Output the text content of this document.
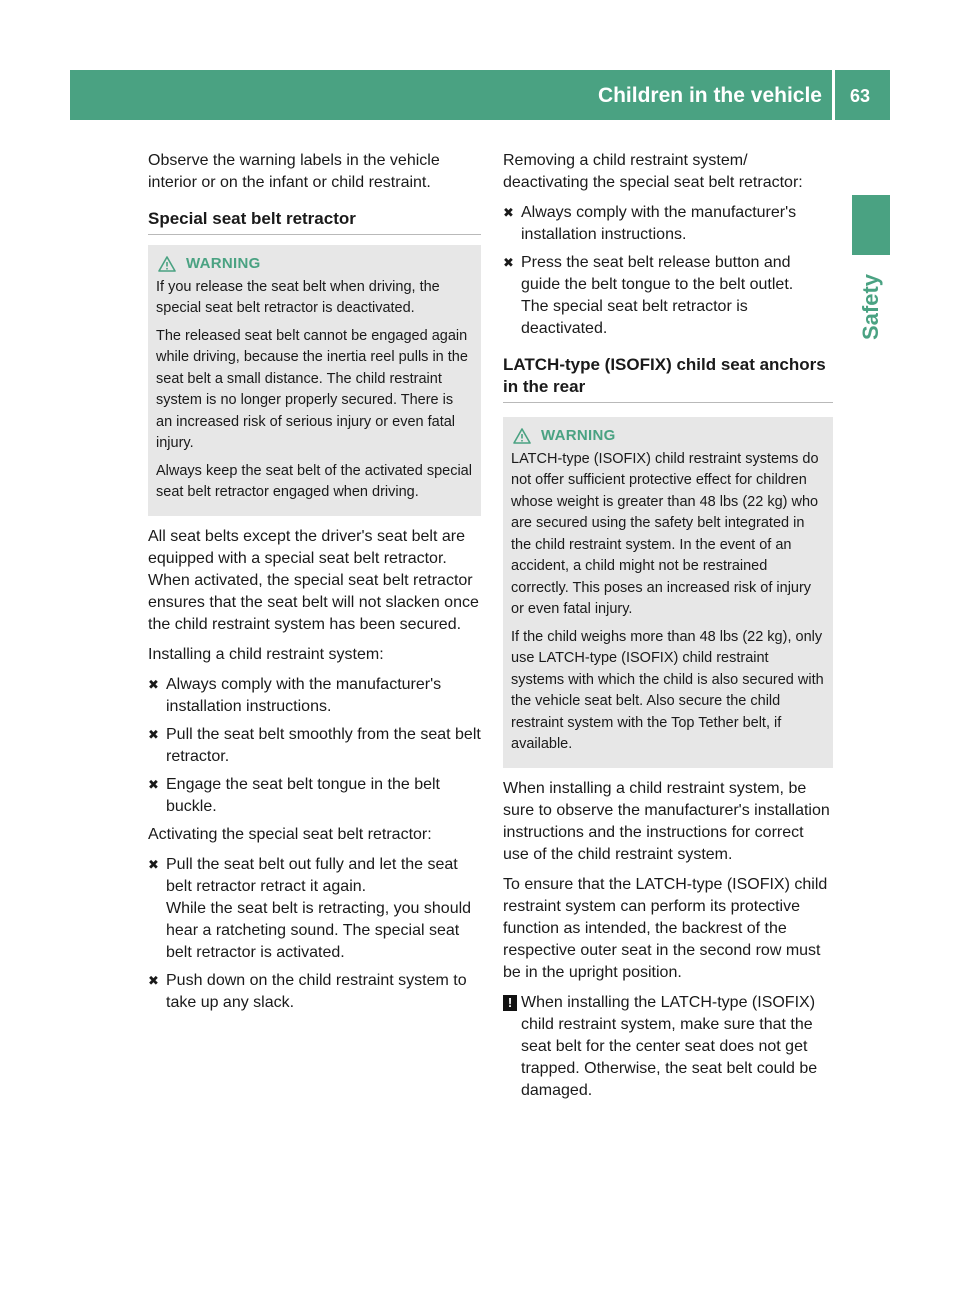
Children in the vehicle	63
Safety

Observe the warning labels in the vehicle interior or on the infant or child restraint.

Special seat belt retractor
WARNING

If you release the seat belt when driving, the special seat belt retractor is deactivated.

The released seat belt cannot be engaged again while driving, because the inertia reel pulls in the seat belt a small distance. The child restraint system is no longer properly secured. There is an increased risk of serious injury or even fatal injury.

Always keep the seat belt of the activated special seat belt retractor engaged when driving.

All seat belts except the driver's seat belt are equipped with a special seat belt retractor. When activated, the special seat belt retractor ensures that the seat belt will not slacken once the child restraint system has been secured.

Installing a child restraint system:

✖ Always comply with the manufacturer's installation instructions.
✖ Pull the seat belt smoothly from the seat belt retractor.
✖ Engage the seat belt tongue in the belt buckle.

Activating the special seat belt retractor:

✖ Pull the seat belt out fully and let the seat belt retractor retract it again.
While the seat belt is retracting, you should hear a ratcheting sound. The special seat belt retractor is activated.
✖ Push down on the child restraint system to take up any slack.

Removing a child restraint system/ deactivating the special seat belt retractor:

✖ Always comply with the manufacturer's installation instructions.
✖ Press the seat belt release button and guide the belt tongue to the belt outlet.
The special seat belt retractor is deactivated.
LATCH-type (ISOFIX) child seat anchors in the rear
WARNING

LATCH-type (ISOFIX) child restraint systems do not offer sufficient protective effect for children whose weight is greater than 48 lbs (22 kg) who are secured using the safety belt integrated in the child restraint system. In the event of an accident, a child might not be restrained correctly. This poses an increased risk of injury or even fatal injury.

If the child weighs more than 48 lbs (22 kg), only use LATCH-type (ISOFIX) child restraint systems with which the child is also secured with the vehicle seat belt. Also secure the child restraint system with the Top Tether belt, if available.

When installing a child restraint system, be sure to observe the manufacturer's installation instructions and the instructions for correct use of the child restraint system.

To ensure that the LATCH-type (ISOFIX) child restraint system can perform its protective function as intended, the backrest of the respective outer seat in the second row must be in the upright position.

! When installing the LATCH-type (ISOFIX) child restraint system, make sure that the seat belt for the center seat does not get trapped. Otherwise, the seat belt could be damaged.
